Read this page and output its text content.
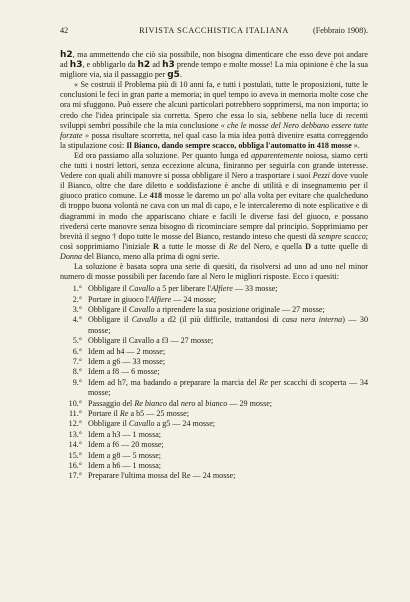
42	RIVISTA SCACCHISTICA ITALIANA	(Febbraio 1908).

h2, ma ammettendo che ciò sia possibile, non bisogna dimenticare che esso deve poi andare ad h3, e obbligarlo da h2 ad h3 prende tempo e molte mosse! La mia opinione è che la sua migliore via, sia il passaggio per g5.

« Se costruii il Problema più di 10 anni fa, e tutti i postulati, tutte le proposizioni, tutte le conclusioni le feci in gran parte a memoria; in quel tempo io aveva in memoria molte cose che ora mi sfuggono. Può essere che alcuni particolari potrebbero sopprimersi, ma non importa; io credo che l'idea principale sia corretta. Spero che essa lo sia, sebbene nella luce di recenti sviluppi sembri possibile che la mia conclusione « che le mosse del Nero debbano essere tutte forzate » possa risultare scorretta, nel qual caso la mia idea potrà divenire esatta correggendo la stipulazione così: Il Bianco, dando sempre scacco, obbliga l'automatto in 418 mosse ».

Ed ora passiamo alla soluzione. Per quanto lunga ed apparentemente noiosa, siamo certi che tutti i nostri lettori, senza eccezione alcuna, finiranno per seguirla con grande interesse. Vedere con quali abili manovre si possa obbligare il Nero a trasportare i suoi Pezzi dove vuole il Bianco, oltre che dare diletto e soddisfazione è anche di utilità e di insegnamento per il giuoco pratico comune. Le 418 mosse le daremo un po' alla volta per evitare che qualcheduno di troppo buona volontà ne cava con un mal di capo, e le intercaleremo di note esplicative e di diagrammi in modo che appariscano chiare e facili le diverse fasi del giuoco, e possano rivedersi certe manovre senza bisogno di ricominciare sempre dal principio. Sopprimiamo per brevità il segno † dopo tutte le mosse del Bianco, restando inteso che questi dà sempre scacco; così sopprimiamo l'iniziale R a tutte le mosse di Re del Nero, e quella D a tutte quelle di Donna del Bianco, meno alla prima di ogni serie.

La soluzione è basata sopra una serie di quesiti, da risolversi ad uno ad uno nel minor numero di mosse possibili per facendo fare al Nero le migliori risposte. Ecco i quesiti:

1.° Obbligare il Cavallo a 5 per liberare l'Alfiere — 33 mosse;
2.° Portare in giuoco l'Alfiere — 24 mosse;
3.° Obbligare il Cavallo a riprendere la sua posizione originale — 27 mosse;
4.° Obbligare il Cavallo a d2 (il più difficile, trattandosi di casa nera interna) — 30 mosse;
5.° Obbligare il Cavallo a f3 — 27 mosse;
6.° Idem ad h4 — 2 mosse;
7.° Idem a g6 — 33 mosse;
8.° Idem a f8 — 6 mosse;
9.° Idem ad h7, ma badando a preparare la marcia del Re per scacchi di scoperta — 34 mosse;
10.° Passaggio del Re bianco dal nero al bianco — 29 mosse;
11.° Portare il Re a b5 — 25 mosse;
12.° Obbligare il Cavallo a g5 — 24 mosse;
13.° Idem a h3 — 1 mossa;
14.° Idem a f6 — 20 mosse;
15.° Idem a g8 — 5 mosse;
16.° Idem a h6 — 1 mossa;
17.° Preparare l'ultima mossa del Re — 24 mosse;
